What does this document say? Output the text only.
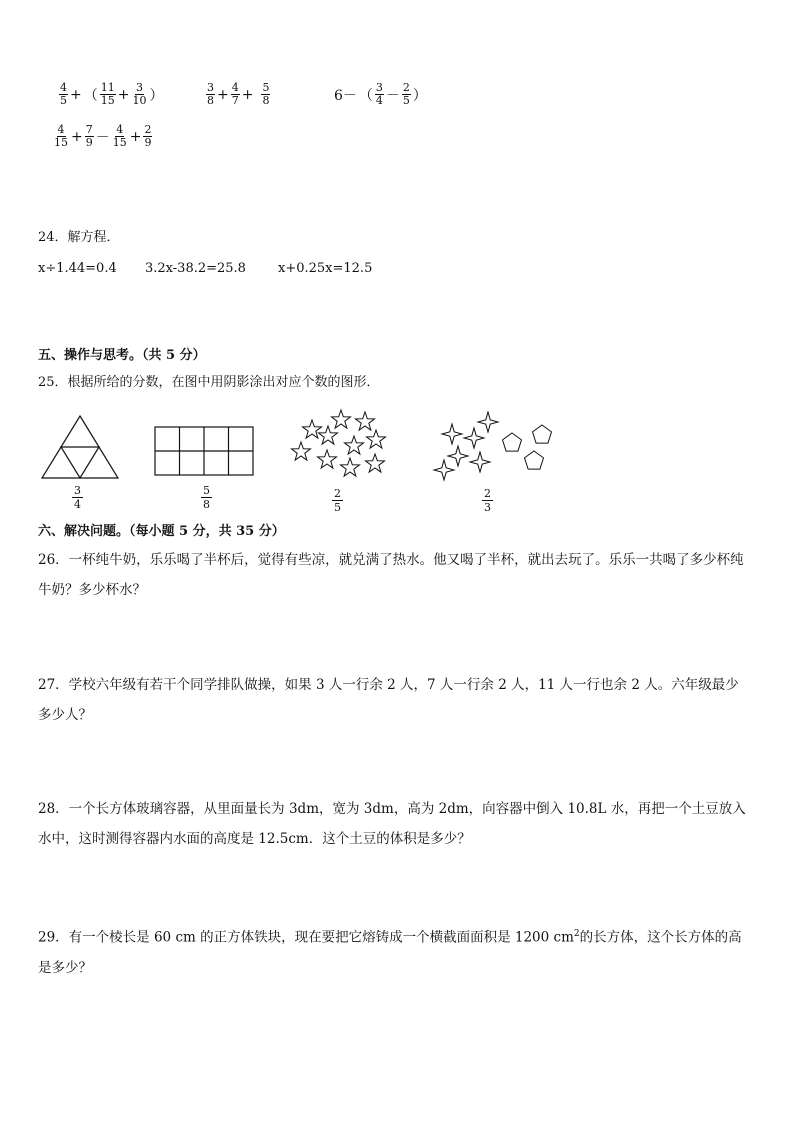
$\frac{4}{5}$ + （ $\frac{11}{15} + \frac{3}{10}$ ）	$\frac{3}{8} + \frac{4}{7} + \frac{5}{8}$	6－ （ $\frac{3}{4} - \frac{2}{5}$ ）
$\frac{4}{15} + \frac{7}{9} - \frac{4}{15} + \frac{2}{9}$
24．解方程．
x÷1.44=0.4 3.2x-38.2=25.8 x+0.25x=12.5
五、操作与思考。（共 5 分）
25．根据所给的分数，在图中用阴影涂出对应个数的图形．
3
4
5
8
2
5
2
3
六、解决问题。（每小题 5 分，共 35 分）
26．一杯纯牛奶，乐乐喝了半杯后，觉得有些凉，就兑满了热水。他又喝了半杯，就出去玩了。乐乐一共喝了多少杯纯牛奶？多少杯水？
27．学校六年级有若干个同学排队做操，如果 3 人一行余 2 人，7 人一行余 2 人，11 人一行也余 2 人。六年级最少多少人？
28．一个长方体玻璃容器，从里面量长为 3dm，宽为 3dm，高为 2dm，向容器中倒入 10.8L 水，再把一个土豆放入水中，这时测得容器内水面的高度是 12.5cm．这个土豆的体积是多少？
29．有一个棱长是 60 cm 的正方体铁块，现在要把它熔铸成一个横截面面积是 1200 $cm^2$的长方体，这个长方体的高是多少？
